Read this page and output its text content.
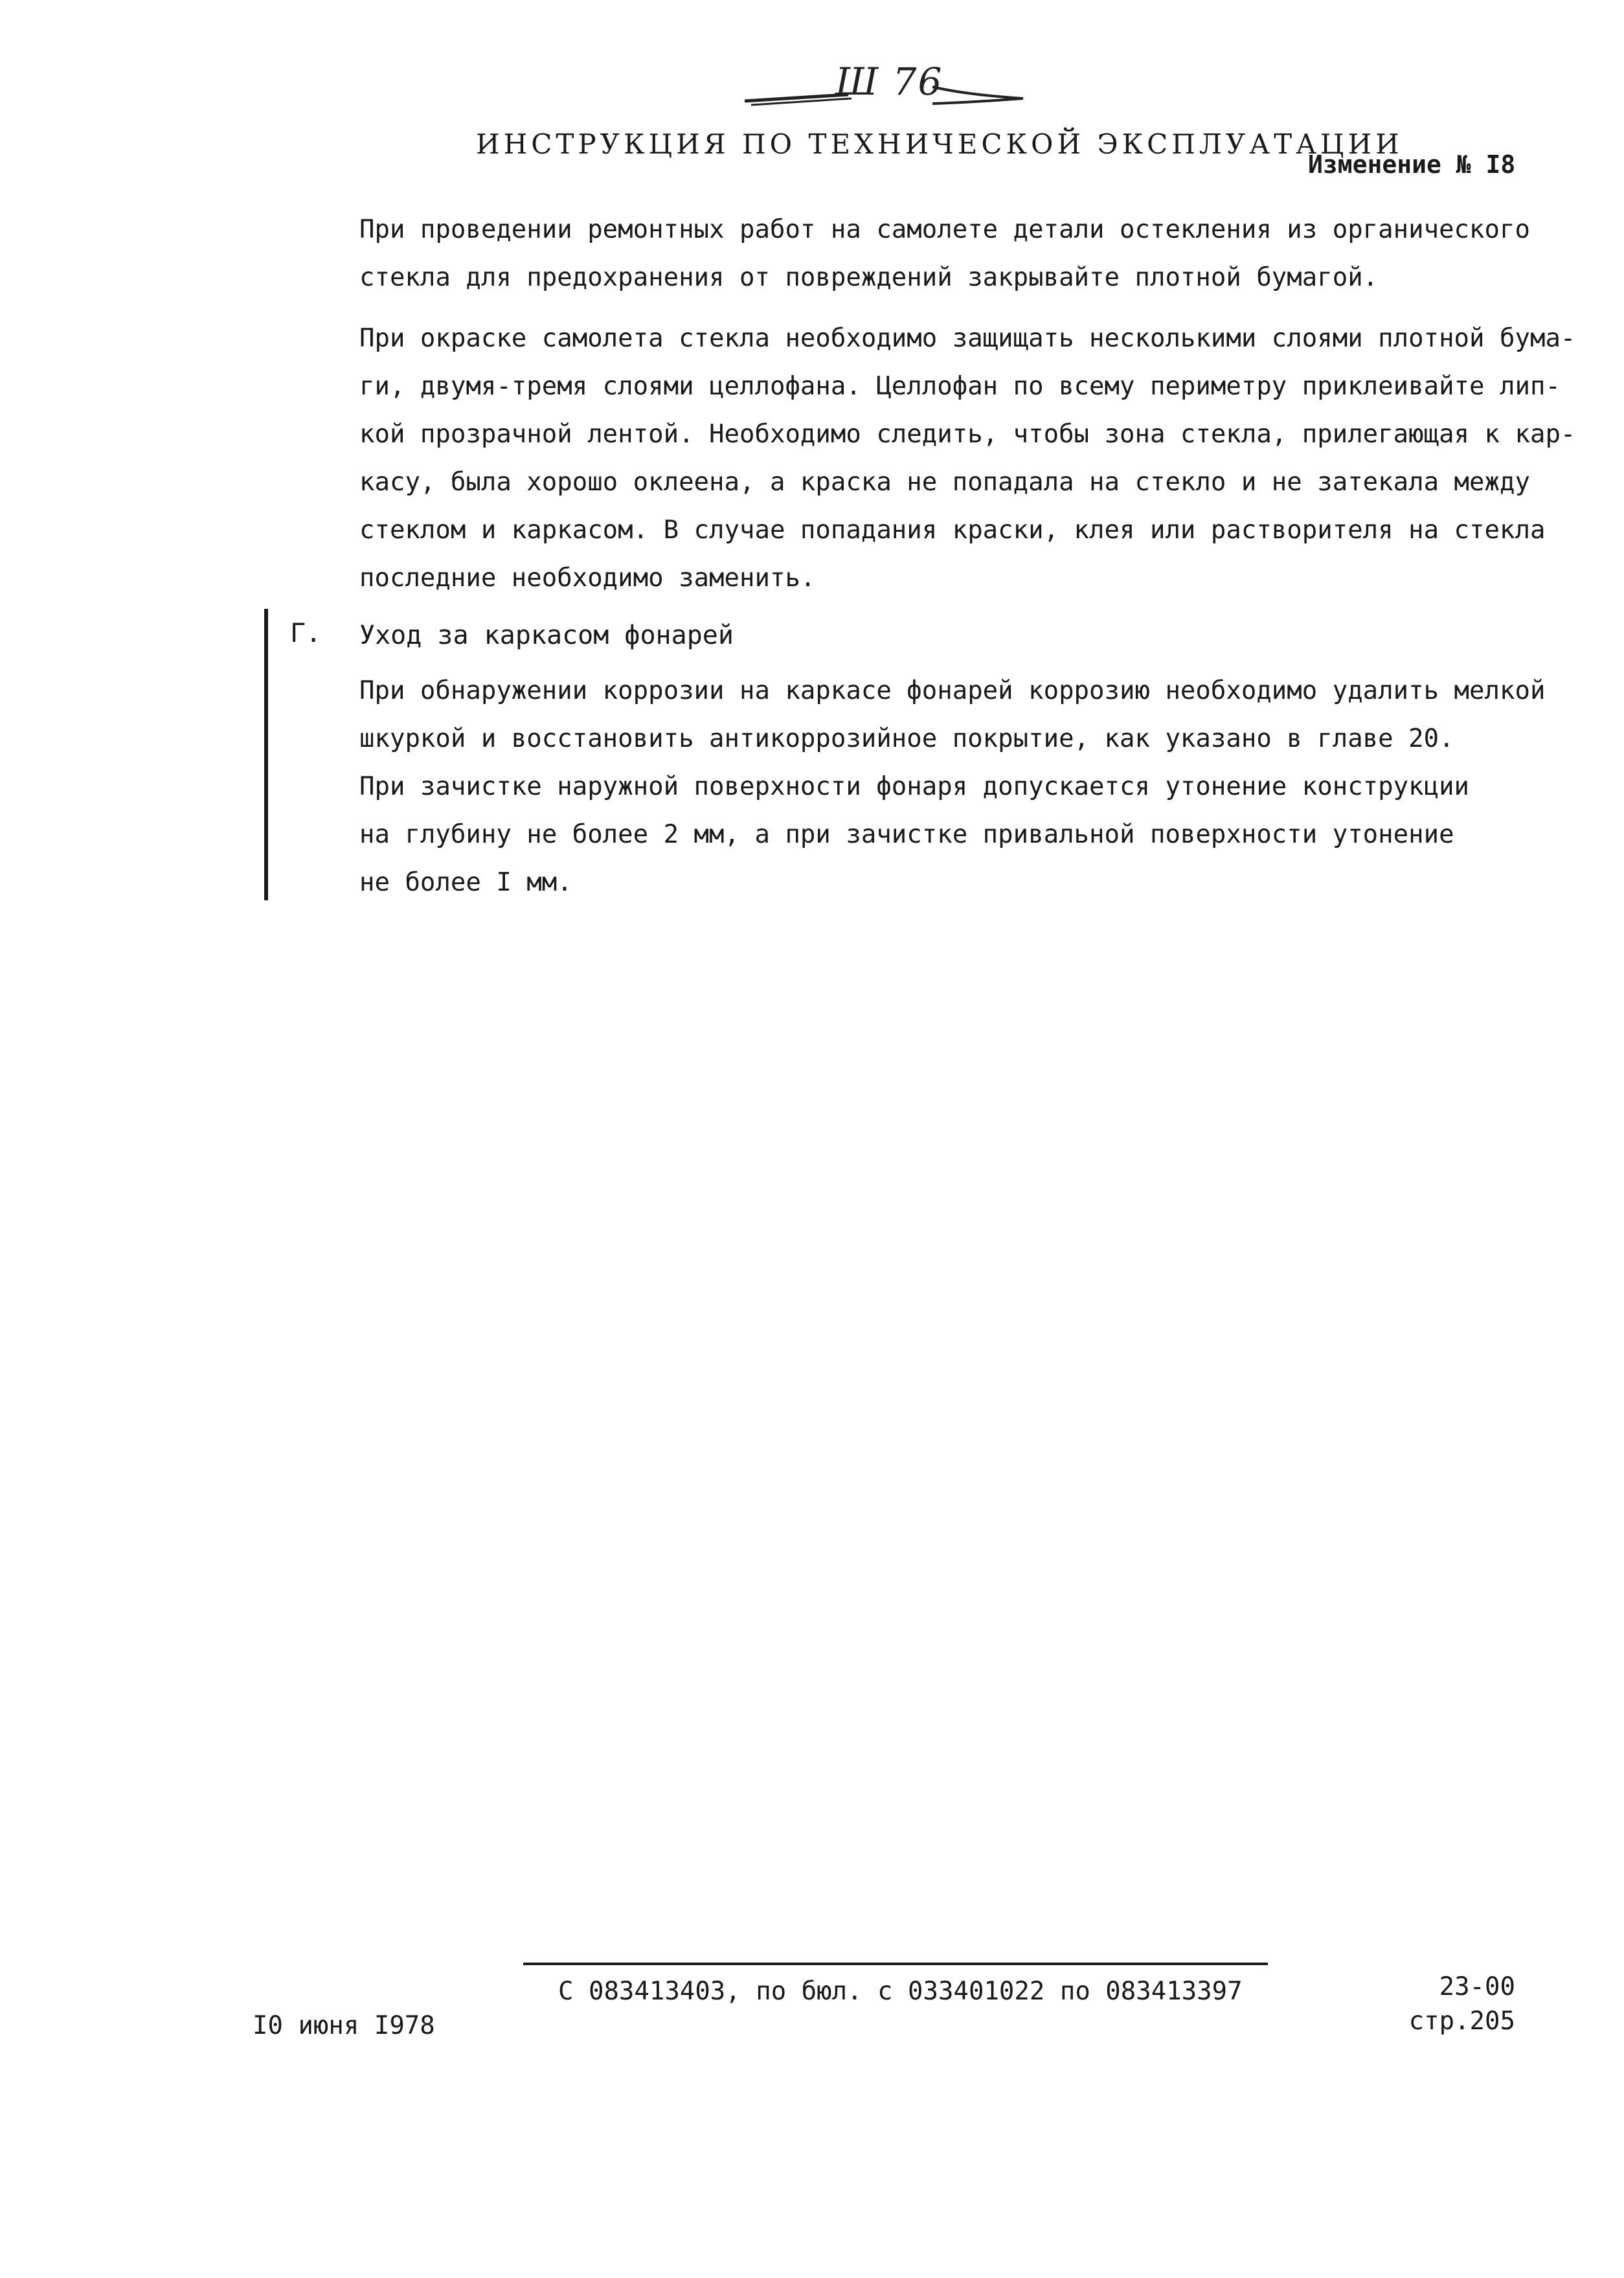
Ш 76
ИНСТРУКЦИЯ ПО ТЕХНИЧЕСКОЙ ЭКСПЛУАТАЦИИ
Изменение № I8
При проведении ремонтных работ на самолете детали остекления из органического
стекла для предохранения от повреждений закрывайте плотной бумагой.
При окраске самолета стекла необходимо защищать несколькими слоями плотной бума-
ги, двумя-тремя слоями целлофана. Целлофан по всему периметру приклеивайте лип-
кой прозрачной лентой. Необходимо следить, чтобы зона стекла, прилегающая к кар-
касу, была хорошо оклеена, а краска не попадала на стекло и не затекала между
стеклом и каркасом. В случае попадания краски, клея или растворителя на стекла
последние необходимо заменить.
Г. Уход за каркасом фонарей
При обнаружении коррозии на каркасе фонарей коррозию необходимо удалить мелкой
шкуркой и восстановить антикоррозийное покрытие, как указано в главе 20.
При зачистке наружной поверхности фонаря допускается утонение конструкции
на глубину не более 2 мм, а при зачистке привальной поверхности утонение
не более I мм.
С 083413403, по бюл. с 033401022 по 083413397
I0 июня I978
23-00
стр.205
